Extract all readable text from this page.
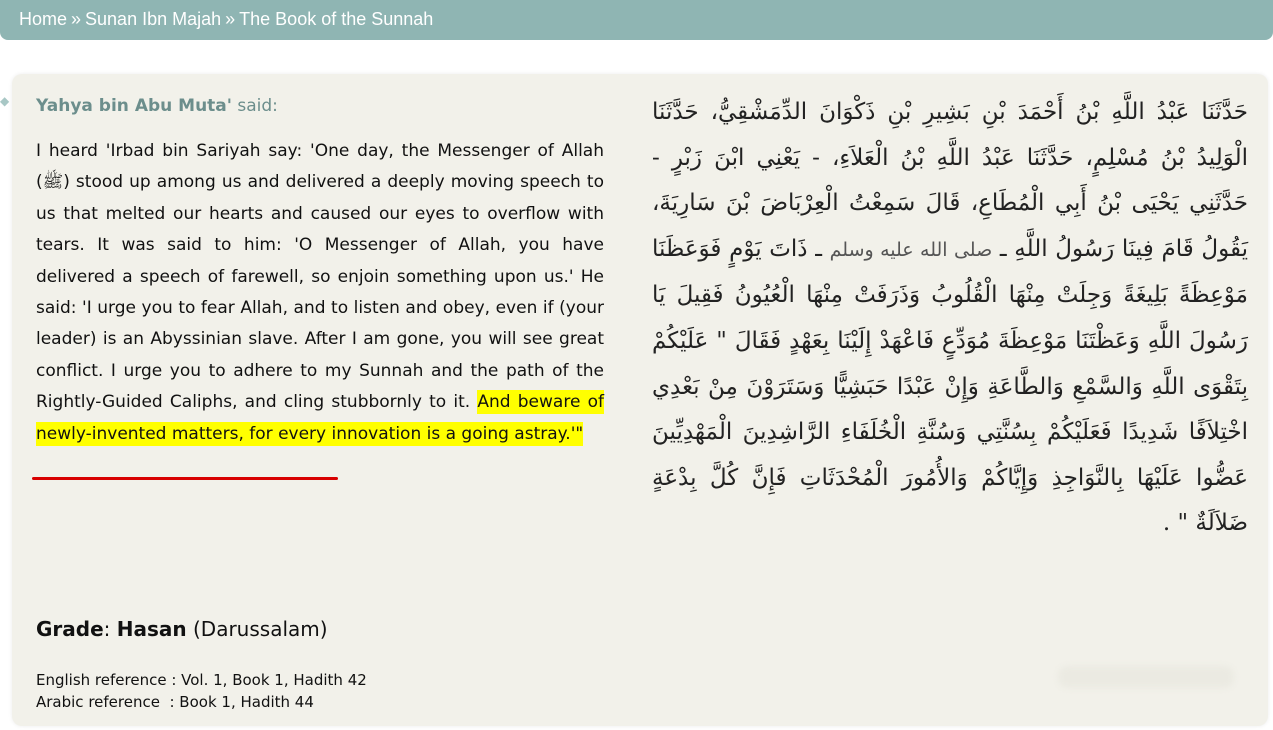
Home » Sunan Ibn Majah » The Book of the Sunnah
◆ Yahya bin Abu Muta' said:
I heard 'Irbad bin Sariyah say: 'One day, the Messenger of Allah (ﷺ) stood up among us and delivered a deeply moving speech to us that melted our hearts and caused our eyes to overflow with tears. It was said to him: 'O Messenger of Allah, you have delivered a speech of farewell, so enjoin something upon us.' He said: 'I urge you to fear Allah, and to listen and obey, even if (your leader) is an Abyssinian slave. After I am gone, you will see great conflict. I urge you to adhere to my Sunnah and the path of the Rightly-Guided Caliphs, and cling stubbornly to it. And beware of newly-invented matters, for every innovation is a going astray.'"
حَدَّثَنَا عَبْدُ اللَّهِ بْنُ أَحْمَدَ بْنِ بَشِيرِ بْنِ ذَكْوَانَ الدِّمَشْقِيُّ، حَدَّثَنَا الْوَلِيدُ بْنُ مُسْلِمٍ، حَدَّثَنَا عَبْدُ اللَّهِ بْنُ الْعَلاَءِ، - يَعْنِي ابْنَ زَبْرٍ - حَدَّثَنِي يَحْيَى بْنُ أَبِي الْمُطَاعِ، قَالَ سَمِعْتُ الْعِرْبَاضَ بْنَ سَارِيَةَ، يَقُولُ قَامَ فِينَا رَسُولُ اللَّهِ ـ صلى الله عليه وسلم ـ ذَاتَ يَوْمٍ فَوَعَظَنَا مَوْعِظَةً بَلِيغَةً وَجِلَتْ مِنْهَا الْقُلُوبُ وَذَرَفَتْ مِنْهَا الْعُيُونُ فَقِيلَ يَا رَسُولَ اللَّهِ وَعَظْتَنَا مَوْعِظَةَ مُوَدِّعٍ فَاعْهَدْ إِلَيْنَا بِعَهْدٍ فَقَالَ " عَلَيْكُمْ بِتَقْوَى اللَّهِ وَالسَّمْعِ وَالطَّاعَةِ وَإِنْ عَبْدًا حَبَشِيًّا وَسَتَرَوْنَ مِنْ بَعْدِي اخْتِلاَفًا شَدِيدًا فَعَلَيْكُمْ بِسُنَّتِي وَسُنَّةِ الْخُلَفَاءِ الرَّاشِدِينَ الْمَهْدِيِّينَ عَضُّوا عَلَيْهَا بِالنَّوَاجِذِ وَإِيَّاكُمْ وَالأُمُورَ الْمُحْدَثَاتِ فَإِنَّ كُلَّ بِدْعَةٍ ضَلاَلَةٌ " .
Grade: Hasan (Darussalam)
English reference : Vol. 1, Book 1, Hadith 42
Arabic reference  : Book 1, Hadith 44
